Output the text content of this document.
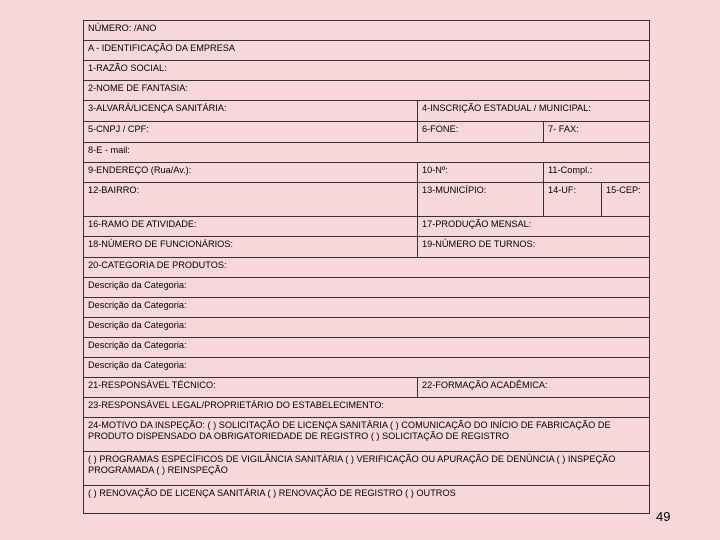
NÚMERO: /ANO			
A - IDENTIFICAÇÃO DA EMPRESA			
1-RAZÃO SOCIAL:			
2-NOME DE FANTASIA:			
3-ALVARÁ/LICENÇA SANITÁRIA:	4-INSCRIÇÃO ESTADUAL / MUNICIPAL:		
5-CNPJ / CPF:	6-FONE:	7- FAX:	
8-E - mail:			
9-ENDEREÇO (Rua/Av.):	10-Nº:	11-Compl.:	
12-BAIRRO:	13-MUNICÍPIO:	14-UF:	15-CEP:
16-RAMO DE ATIVIDADE:	17-PRODUÇÃO MENSAL:		
18-NÚMERO DE FUNCIONÁRIOS:	19-NÚMERO DE TURNOS:		
20-CATEGORIA DE PRODUTOS:			
Descrição da Categoria:			
Descrição da Categoria:			
Descrição da Categoria:			
Descrição da Categoria:			
Descrição da Categoria:			
21-RESPONSÁVEL TÉCNICO:	22-FORMAÇÃO ACADÊMICA:		
23-RESPONSÁVEL LEGAL/PROPRIETÁRIO DO ESTABELECIMENTO:			
24-MOTIVO DA INSPEÇÃO: ( ) SOLICITAÇÃO DE LICENÇA SANITÁRIA ( ) COMUNICAÇÃO DO INÍCIO DE FABRICAÇÃO DE PRODUTO DISPENSADO DA OBRIGATORIEDADE DE REGISTRO ( ) SOLICITAÇÃO DE REGISTRO			
( ) PROGRAMAS ESPECÍFICOS DE VIGILÂNCIA SANITÁRIA ( ) VERIFICAÇÃO OU APURAÇÃO DE DENÚNCIA ( ) INSPEÇÃO PROGRAMADA ( ) REINSPEÇÃO			
( ) RENOVAÇÃO DE LICENÇA SANITÁRIA ( ) RENOVAÇÃO DE REGISTRO ( ) OUTROS			
49
